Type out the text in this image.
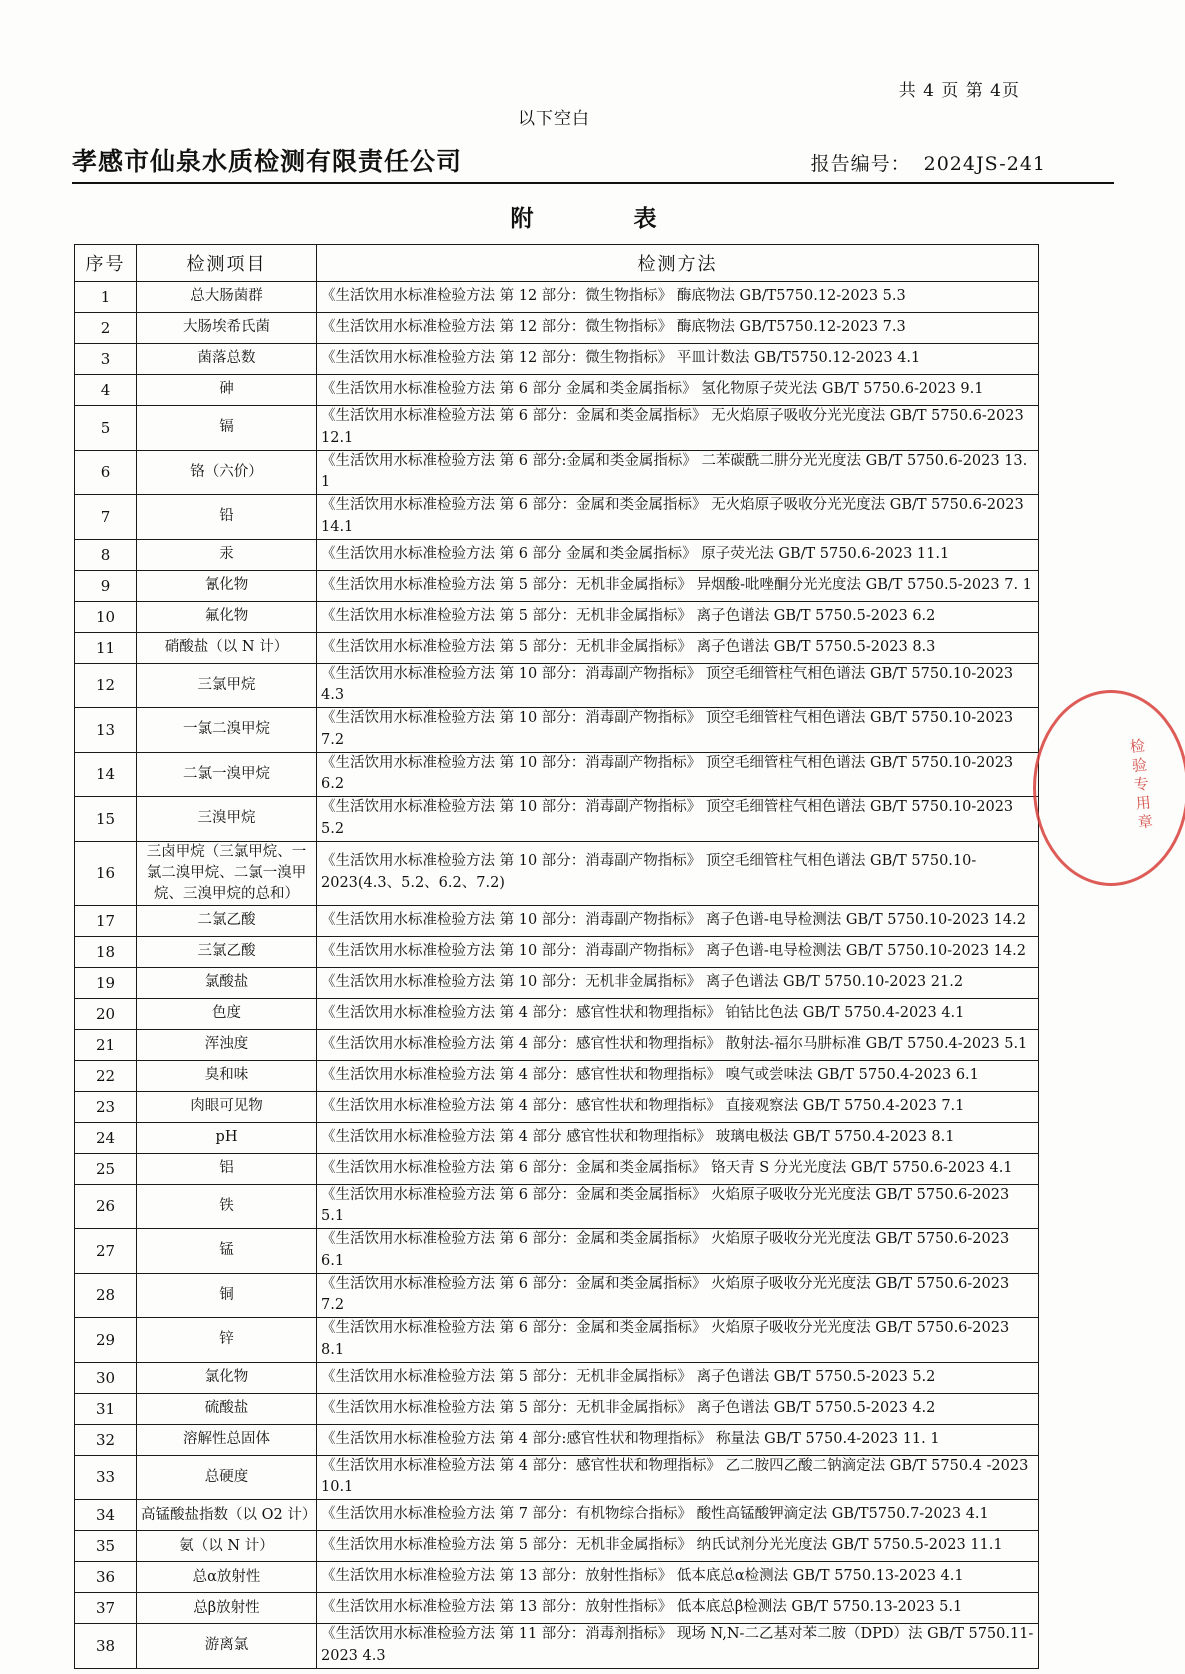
共 4 页 第 4页
以下空白
孝感市仙泉水质检测有限责任公司	报告编号： 2024JS-241
附　　表
序号	检测项目	检测方法
1	总大肠菌群	《生活饮用水标准检验方法 第 12 部分：微生物指标》 酶底物法 GB/T5750.12-2023 5.3
2	大肠埃希氏菌	《生活饮用水标准检验方法 第 12 部分：微生物指标》 酶底物法 GB/T5750.12-2023 7.3
3	菌落总数	《生活饮用水标准检验方法 第 12 部分：微生物指标》 平皿计数法 GB/T5750.12-2023 4.1
4	砷	《生活饮用水标准检验方法 第 6 部分 金属和类金属指标》 氢化物原子荧光法 GB/T 5750.6-2023 9.1
5	镉	《生活饮用水标准检验方法 第 6 部分：金属和类金属指标》 无火焰原子吸收分光光度法 GB/T 5750.6-2023 12.1
6	铬（六价）	《生活饮用水标准检验方法 第 6 部分:金属和类金属指标》 二苯碳酰二肼分光光度法 GB/T 5750.6-2023 13. 1
7	铅	《生活饮用水标准检验方法 第 6 部分：金属和类金属指标》 无火焰原子吸收分光光度法 GB/T 5750.6-2023 14.1
8	汞	《生活饮用水标准检验方法 第 6 部分 金属和类金属指标》 原子荧光法 GB/T 5750.6-2023 11.1
9	氰化物	《生活饮用水标准检验方法 第 5 部分：无机非金属指标》 异烟酸-吡唑酮分光光度法 GB/T 5750.5-2023 7. 1
10	氟化物	《生活饮用水标准检验方法 第 5 部分：无机非金属指标》 离子色谱法 GB/T 5750.5-2023 6.2
11	硝酸盐（以 N 计）	《生活饮用水标准检验方法 第 5 部分：无机非金属指标》 离子色谱法 GB/T 5750.5-2023 8.3
12	三氯甲烷	《生活饮用水标准检验方法 第 10 部分：消毒副产物指标》 顶空毛细管柱气相色谱法 GB/T 5750.10-2023 4.3
13	一氯二溴甲烷	《生活饮用水标准检验方法 第 10 部分：消毒副产物指标》 顶空毛细管柱气相色谱法 GB/T 5750.10-2023 7.2
14	二氯一溴甲烷	《生活饮用水标准检验方法 第 10 部分：消毒副产物指标》 顶空毛细管柱气相色谱法 GB/T 5750.10-2023 6.2
15	三溴甲烷	《生活饮用水标准检验方法 第 10 部分：消毒副产物指标》 顶空毛细管柱气相色谱法 GB/T 5750.10-2023 5.2
16	三卤甲烷（三氯甲烷、一氯二溴甲烷、二氯一溴甲烷、三溴甲烷的总和）	《生活饮用水标准检验方法 第 10 部分：消毒副产物指标》 顶空毛细管柱气相色谱法 GB/T 5750.10-2023(4.3、5.2、6.2、7.2)
17	二氯乙酸	《生活饮用水标准检验方法 第 10 部分：消毒副产物指标》 离子色谱-电导检测法 GB/T 5750.10-2023 14.2
18	三氯乙酸	《生活饮用水标准检验方法 第 10 部分：消毒副产物指标》 离子色谱-电导检测法 GB/T 5750.10-2023 14.2
19	氯酸盐	《生活饮用水标准检验方法 第 10 部分：无机非金属指标》 离子色谱法 GB/T 5750.10-2023 21.2
20	色度	《生活饮用水标准检验方法 第 4 部分：感官性状和物理指标》 铂钴比色法 GB/T 5750.4-2023 4.1
21	浑浊度	《生活饮用水标准检验方法 第 4 部分：感官性状和物理指标》 散射法-福尔马肼标准 GB/T 5750.4-2023 5.1
22	臭和味	《生活饮用水标准检验方法 第 4 部分：感官性状和物理指标》 嗅气或尝味法 GB/T 5750.4-2023 6.1
23	肉眼可见物	《生活饮用水标准检验方法 第 4 部分：感官性状和物理指标》 直接观察法 GB/T 5750.4-2023 7.1
24	pH	《生活饮用水标准检验方法 第 4 部分 感官性状和物理指标》 玻璃电极法 GB/T 5750.4-2023 8.1
25	铝	《生活饮用水标准检验方法 第 6 部分：金属和类金属指标》 铬天青 S 分光光度法 GB/T 5750.6-2023 4.1
26	铁	《生活饮用水标准检验方法 第 6 部分：金属和类金属指标》 火焰原子吸收分光光度法 GB/T 5750.6-2023 5.1
27	锰	《生活饮用水标准检验方法 第 6 部分：金属和类金属指标》 火焰原子吸收分光光度法 GB/T 5750.6-2023 6.1
28	铜	《生活饮用水标准检验方法 第 6 部分：金属和类金属指标》 火焰原子吸收分光光度法 GB/T 5750.6-2023 7.2
29	锌	《生活饮用水标准检验方法 第 6 部分：金属和类金属指标》 火焰原子吸收分光光度法 GB/T 5750.6-2023 8.1
30	氯化物	《生活饮用水标准检验方法 第 5 部分：无机非金属指标》 离子色谱法 GB/T 5750.5-2023 5.2
31	硫酸盐	《生活饮用水标准检验方法 第 5 部分：无机非金属指标》 离子色谱法 GB/T 5750.5-2023 4.2
32	溶解性总固体	《生活饮用水标准检验方法 第 4 部分:感官性状和物理指标》 称量法 GB/T 5750.4-2023 11. 1
33	总硬度	《生活饮用水标准检验方法 第 4 部分：感官性状和物理指标》 乙二胺四乙酸二钠滴定法 GB/T 5750.4 -2023 10.1
34	高锰酸盐指数（以 O2 计）	《生活饮用水标准检验方法 第 7 部分：有机物综合指标》 酸性高锰酸钾滴定法 GB/T5750.7-2023 4.1
35	氨（以 N 计）	《生活饮用水标准检验方法 第 5 部分：无机非金属指标》 纳氏试剂分光光度法 GB/T 5750.5-2023 11.1
36	总α放射性	《生活饮用水标准检验方法 第 13 部分：放射性指标》 低本底总α检测法 GB/T 5750.13-2023 4.1
37	总β放射性	《生活饮用水标准检验方法 第 13 部分：放射性指标》 低本底总β检测法 GB/T 5750.13-2023 5.1
38	游离氯	《生活饮用水标准检验方法 第 11 部分：消毒剂指标》 现场 N,N-二乙基对苯二胺（DPD）法 GB/T 5750.11-2023 4.3
检验专用章
